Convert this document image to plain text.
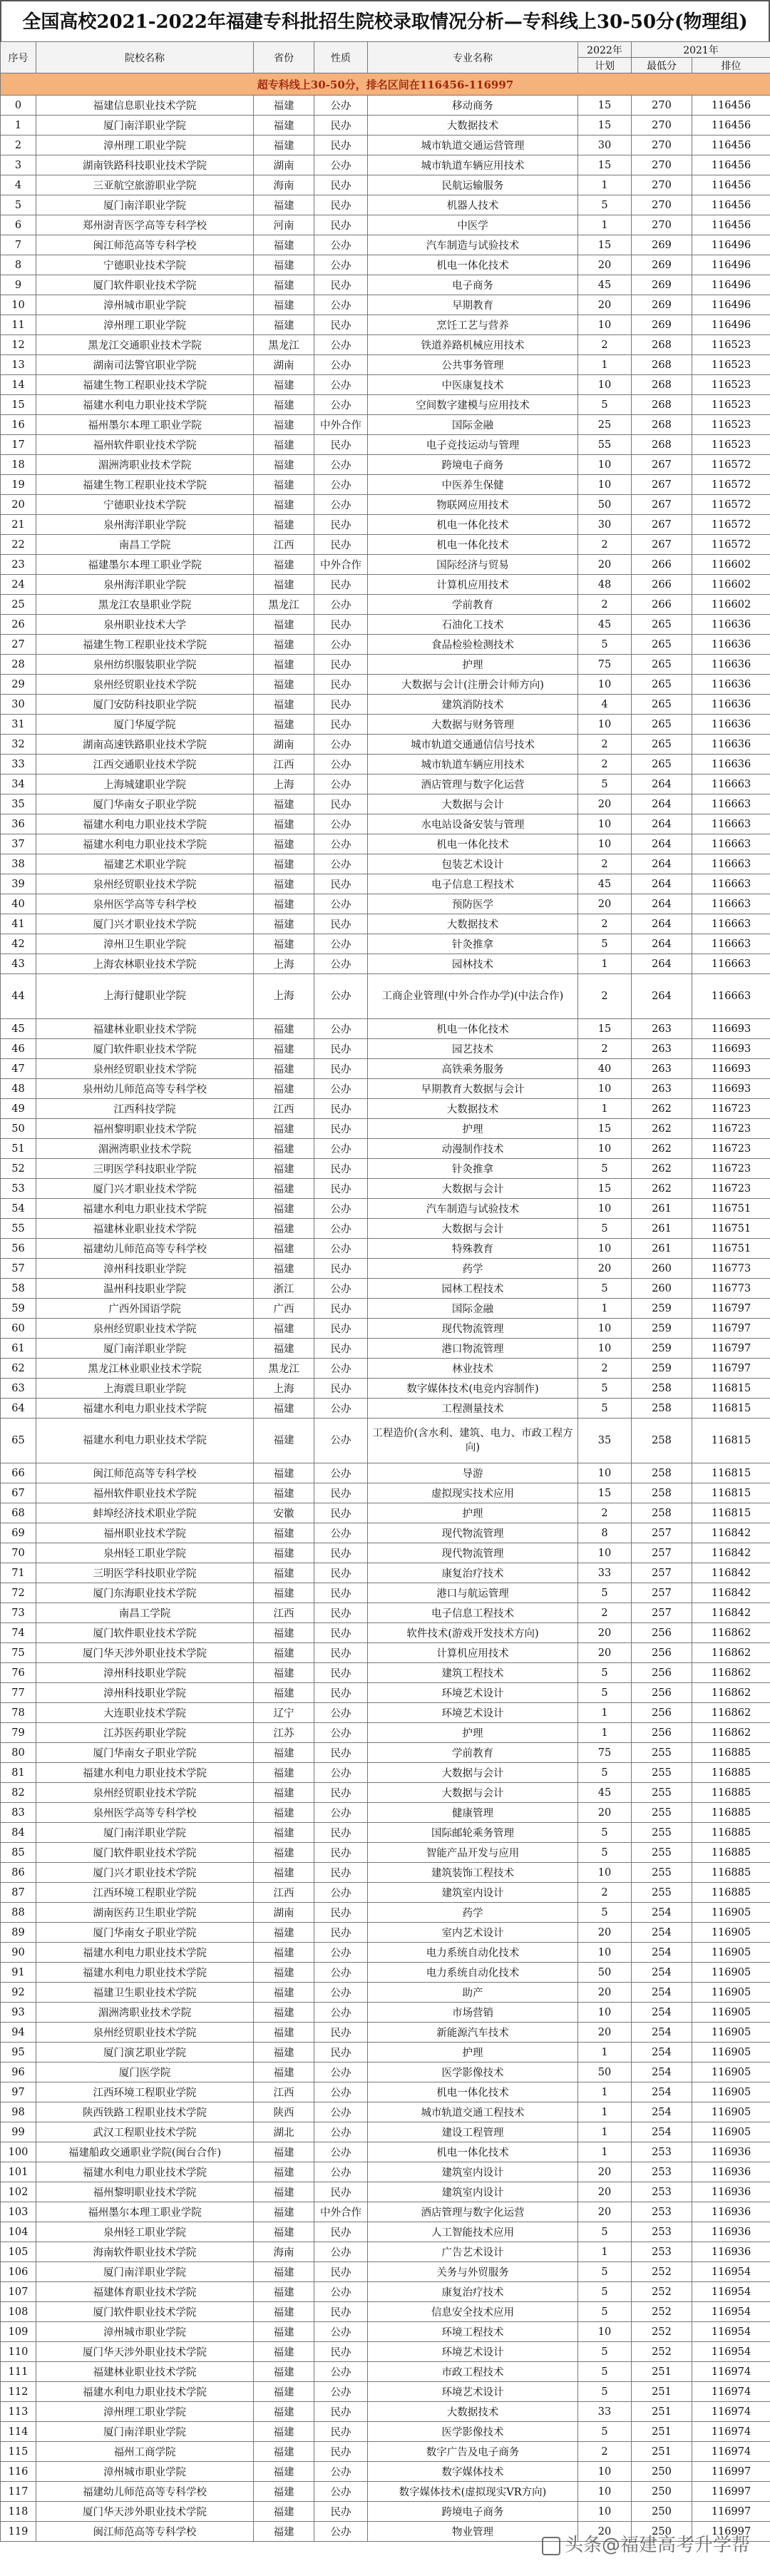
全国高校2021-2022年福建专科批招生院校录取情况分析—专科线上30-50分(物理组)
序号	院校名称	省份	性质	专业名称	2022年	2021年	
					计划	最低分	排位
超专科线上30-50分，排名区间在116456-116997							
0	福建信息职业技术学院	福建	公办	移动商务	15	270	116456
1	厦门南洋职业学院	福建	民办	大数据技术	15	270	116456
2	漳州理工职业学院	福建	民办	城市轨道交通运营管理	30	270	116456
3	湖南铁路科技职业技术学院	湖南	公办	城市轨道车辆应用技术	15	270	116456
4	三亚航空旅游职业学院	海南	民办	民航运输服务	1	270	116456
5	厦门南洋职业学院	福建	民办	机器人技术	5	270	116456
6	郑州澍青医学高等专科学校	河南	民办	中医学	1	270	116456
7	闽江师范高等专科学校	福建	公办	汽车制造与试验技术	15	269	116496
8	宁德职业技术学院	福建	公办	机电一体化技术	20	269	116496
9	厦门软件职业技术学院	福建	民办	电子商务	45	269	116496
10	漳州城市职业学院	福建	公办	早期教育	20	269	116496
11	漳州理工职业学院	福建	民办	烹饪工艺与营养	10	269	116496
12	黑龙江交通职业技术学院	黑龙江	公办	铁道养路机械应用技术	2	268	116523
13	湖南司法警官职业学院	湖南	公办	公共事务管理	1	268	116523
14	福建生物工程职业技术学院	福建	公办	中医康复技术	10	268	116523
15	福建水利电力职业技术学院	福建	公办	空间数字建模与应用技术	5	268	116523
16	福州墨尔本理工职业学院	福建	中外合作	国际金融	25	268	116523
17	福州软件职业技术学院	福建	民办	电子竞技运动与管理	55	268	116523
18	湄洲湾职业技术学院	福建	公办	跨境电子商务	10	267	116572
19	福建生物工程职业技术学院	福建	公办	中医养生保健	10	267	116572
20	宁德职业技术学院	福建	公办	物联网应用技术	50	267	116572
21	泉州海洋职业学院	福建	民办	机电一体化技术	30	267	116572
22	南昌工学院	江西	民办	机电一体化技术	2	267	116572
23	福建墨尔本理工职业学院	福建	中外合作	国际经济与贸易	20	266	116602
24	泉州海洋职业学院	福建	民办	计算机应用技术	48	266	116602
25	黑龙江农垦职业学院	黑龙江	公办	学前教育	2	266	116602
26	泉州职业技术大学	福建	民办	石油化工技术	45	265	116636
27	福建生物工程职业技术学院	福建	公办	食品检验检测技术	5	265	116636
28	泉州纺织服装职业学院	福建	民办	护理	75	265	116636
29	泉州经贸职业技术学院	福建	民办	大数据与会计(注册会计师方向)	10	265	116636
30	厦门安防科技职业学院	福建	民办	建筑消防技术	4	265	116636
31	厦门华厦学院	福建	民办	大数据与财务管理	10	265	116636
32	湖南高速铁路职业技术学院	湖南	公办	城市轨道交通通信信号技术	2	265	116636
33	江西交通职业技术学院	江西	公办	城市轨道车辆应用技术	2	265	116636
34	上海城建职业学院	上海	公办	酒店管理与数字化运营	5	264	116663
35	厦门华南女子职业学院	福建	民办	大数据与会计	20	264	116663
36	福建水利电力职业技术学院	福建	公办	水电站设备安装与管理	10	264	116663
37	福建水利电力职业技术学院	福建	公办	机电一体化技术	10	264	116663
38	福建艺术职业学院	福建	公办	包装艺术设计	2	264	116663
39	泉州经贸职业技术学院	福建	民办	电子信息工程技术	45	264	116663
40	泉州医学高等专科学校	福建	公办	预防医学	20	264	116663
41	厦门兴才职业技术学院	福建	民办	大数据技术	2	264	116663
42	漳州卫生职业学院	福建	公办	针灸推拿	5	264	116663
43	上海农林职业技术学院	上海	公办	园林技术	1	264	116663
44	上海行健职业学院	上海	公办	工商企业管理(中外合作办学)(中法合作)	2	264	116663
45	福建林业职业技术学院	福建	公办	机电一体化技术	15	263	116693
46	厦门软件职业技术学院	福建	民办	园艺技术	2	263	116693
47	泉州经贸职业技术学院	福建	民办	高铁乘务服务	40	263	116693
48	泉州幼儿师范高等专科学校	福建	公办	早期教育大数据与会计	10	263	116693
49	江西科技学院	江西	民办	大数据技术	1	262	116723
50	福州黎明职业技术学院	福建	民办	护理	15	262	116723
51	湄洲湾职业技术学院	福建	公办	动漫制作技术	10	262	116723
52	三明医学科技职业学院	福建	民办	针灸推拿	5	262	116723
53	厦门兴才职业技术学院	福建	民办	大数据与会计	15	262	116723
54	福建水利电力职业技术学院	福建	公办	汽车制造与试验技术	10	261	116751
55	福建林业职业技术学院	福建	公办	大数据与会计	5	261	116751
56	福建幼儿师范高等专科学校	福建	公办	特殊教育	10	261	116751
57	漳州科技职业学院	福建	民办	药学	20	260	116773
58	温州科技职业学院	浙江	公办	园林工程技术	5	260	116773
59	广西外国语学院	广西	民办	国际金融	1	259	116797
60	泉州经贸职业技术学院	福建	民办	现代物流管理	10	259	116797
61	厦门南洋职业学院	福建	民办	港口物流管理	10	259	116797
62	黑龙江林业职业技术学院	黑龙江	公办	林业技术	2	259	116797
63	上海震旦职业学院	上海	民办	数字媒体技术(电竞内容制作)	5	258	116815
64	福建水利电力职业技术学院	福建	公办	工程测量技术	5	258	116815
65	福建水利电力职业技术学院	福建	公办	工程造价(含水利、建筑、电力、市政工程方向)	35	258	116815
66	闽江师范高等专科学校	福建	公办	导游	10	258	116815
67	福州软件职业技术学院	福建	民办	虚拟现实技术应用	15	258	116815
68	蚌埠经济技术职业学院	安徽	民办	护理	2	258	116815
69	福州职业技术学院	福建	公办	现代物流管理	8	257	116842
70	泉州轻工职业学院	福建	民办	现代物流管理	10	257	116842
71	三明医学科技职业学院	福建	民办	康复治疗技术	33	257	116842
72	厦门东海职业技术学院	福建	民办	港口与航运管理	5	257	116842
73	南昌工学院	江西	民办	电子信息工程技术	2	257	116842
74	厦门软件职业技术学院	福建	民办	软件技术(游戏开发技术方向)	20	256	116862
75	厦门华天涉外职业技术学院	福建	民办	计算机应用技术	20	256	116862
76	漳州科技职业学院	福建	民办	建筑工程技术	5	256	116862
77	漳州科技职业学院	福建	民办	环境艺术设计	5	256	116862
78	大连职业技术学院	辽宁	公办	环境艺术设计	1	256	116862
79	江苏医药职业学院	江苏	公办	护理	1	256	116862
80	厦门华南女子职业学院	福建	民办	学前教育	75	255	116885
81	福建水利电力职业技术学院	福建	公办	大数据与会计	5	255	116885
82	泉州经贸职业技术学院	福建	民办	大数据与会计	45	255	116885
83	泉州医学高等专科学校	福建	公办	健康管理	20	255	116885
84	厦门南洋职业学院	福建	民办	国际邮轮乘务管理	5	255	116885
85	厦门软件职业技术学院	福建	民办	智能产品开发与应用	5	255	116885
86	厦门兴才职业技术学院	福建	民办	建筑装饰工程技术	10	255	116885
87	江西环境工程职业学院	江西	公办	建筑室内设计	2	255	116885
88	湖南医药卫生职业学院	湖南	民办	药学	5	254	116905
89	厦门华南女子职业学院	福建	民办	室内艺术设计	20	254	116905
90	福建水利电力职业技术学院	福建	公办	电力系统自动化技术	10	254	116905
91	福建水利电力职业技术学院	福建	公办	电力系统自动化技术	50	254	116905
92	福建卫生职业技术学院	福建	公办	助产	20	254	116905
93	湄洲湾职业技术学院	福建	公办	市场营销	10	254	116905
94	泉州经贸职业技术学院	福建	民办	新能源汽车技术	20	254	116905
95	厦门演艺职业学院	福建	民办	护理	1	254	116905
96	厦门医学院	福建	公办	医学影像技术	50	254	116905
97	江西环境工程职业学院	江西	公办	机电一体化技术	1	254	116905
98	陕西铁路工程职业技术学院	陕西	公办	城市轨道交通工程技术	1	254	116905
99	武汉工程职业技术学院	湖北	公办	建设工程管理	1	254	116905
100	福建船政交通职业学院(闽台合作)	福建	公办	机电一体化技术	1	253	116936
101	福建水利电力职业技术学院	福建	公办	建筑室内设计	20	253	116936
102	福州黎明职业技术学院	福建	民办	建筑室内设计	20	253	116936
103	福州墨尔本理工职业学院	福建	中外合作	酒店管理与数字化运营	20	253	116936
104	泉州轻工职业学院	福建	民办	人工智能技术应用	5	253	116936
105	海南软件职业技术学院	海南	公办	广告艺术设计	1	253	116936
106	厦门南洋职业学院	福建	民办	关务与外贸服务	5	252	116954
107	福建体育职业技术学院	福建	公办	康复治疗技术	5	252	116954
108	厦门软件职业技术学院	福建	民办	信息安全技术应用	5	252	116954
109	漳州城市职业学院	福建	公办	环境工程技术	10	252	116954
110	厦门华天涉外职业技术学院	福建	民办	环境艺术设计	5	252	116954
111	福建林业职业技术学院	福建	公办	市政工程技术	5	251	116974
112	福建水利电力职业技术学院	福建	公办	环境艺术设计	5	251	116974
113	漳州理工职业学院	福建	民办	大数据技术	33	251	116974
114	厦门南洋职业学院	福建	民办	医学影像技术	5	251	116974
115	福州工商学院	福建	民办	数字广告及电子商务	2	251	116974
116	漳州城市职业学院	福建	公办	数字媒体技术	10	250	116997
117	福建幼儿师范高等专科学校	福建	公办	数字媒体技术(虚拟现实VR方向)	10	250	116997
118	厦门华天涉外职业技术学院	福建	民办	跨境电子商务	10	250	116997
119	闽江师范高等专科学校	福建	公办	物业管理	20	250	116997
头条@福建高考升学帮
